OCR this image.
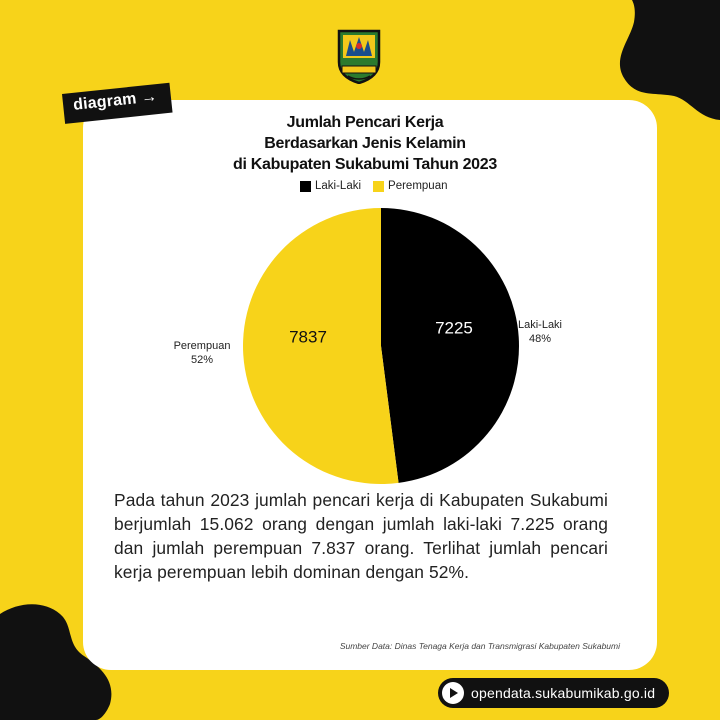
diagram →
Jumlah Pencari Kerja
Berdasarkan Jenis Kelamin
di Kabupaten Sukabumi Tahun 2023
Laki-Laki Perempuan
7225
7837
Laki-Laki
48%
Perempuan
52%
Pada tahun 2023 jumlah pencari kerja di Kabupaten Sukabumi berjumlah 15.062 orang dengan jumlah laki-laki 7.225 orang dan jumlah perempuan 7.837 orang. Terlihat jumlah pencari kerja perempuan lebih dominan dengan 52%.
Sumber Data: Dinas Tenaga Kerja dan Transmigrasi Kabupaten Sukabumi
opendata.sukabumikab.go.id
